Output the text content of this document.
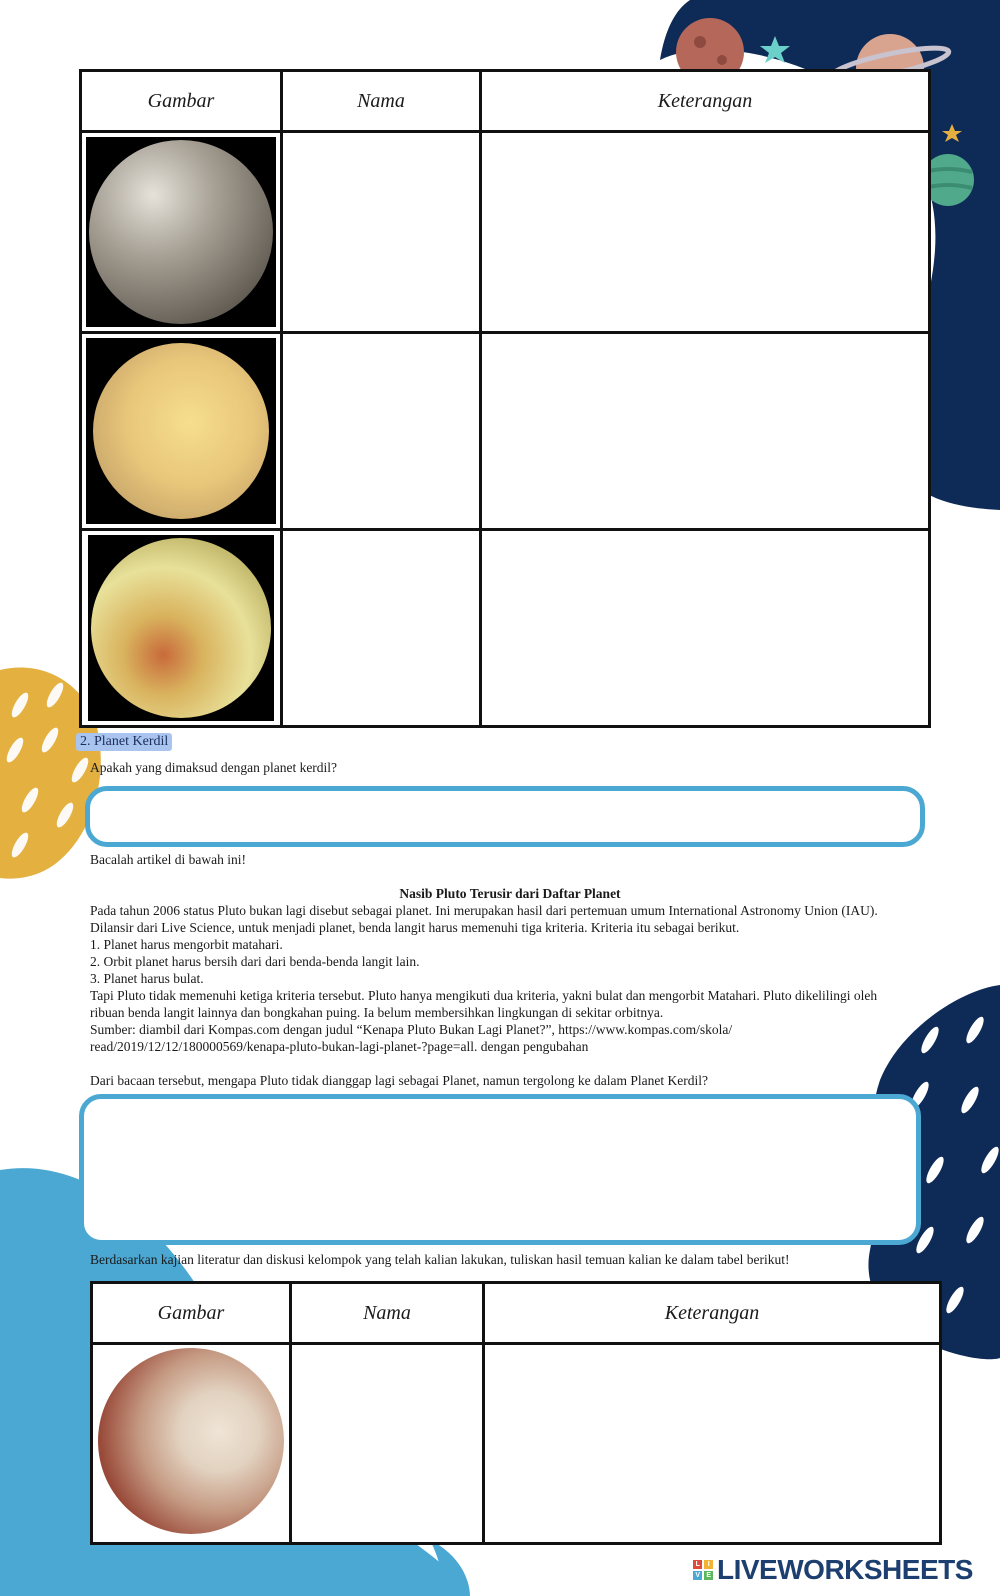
Gambar	Nama	Keterangan

2. Planet Kerdil
Apakah yang dimaksud dengan planet kerdil?
Bacalah artikel di bawah ini!

Nasib Pluto Terusir dari Daftar Planet

Pada tahun 2006 status Pluto bukan lagi disebut sebagai planet. Ini merupakan hasil dari pertemuan umum International Astronomy Union (IAU).

Dilansir dari Live Science, untuk menjadi planet, benda langit harus memenuhi tiga kriteria. Kriteria itu sebagai berikut.

1. Planet harus mengorbit matahari.

2. Orbit planet harus bersih dari dari benda-benda langit lain.

3. Planet harus bulat.

Tapi Pluto tidak memenuhi ketiga kriteria tersebut. Pluto hanya mengikuti dua kriteria, yakni bulat dan mengorbit Matahari. Pluto dikelilingi oleh

ribuan benda langit lainnya dan bongkahan puing. Ia belum membersihkan lingkungan di sekitar orbitnya.

Sumber: diambil dari Kompas.com dengan judul “Kenapa Pluto Bukan Lagi Planet?”, https://www.kompas.com/skola/

read/2019/12/12/180000569/kenapa-pluto-bukan-lagi-planet-?page=all. dengan pengubahan

Dari bacaan tersebut, mengapa Pluto tidak dianggap lagi sebagai Planet, namun tergolong ke dalam Planet Kerdil?
Berdasarkan kajian literatur dan diskusi kelompok yang telah kalian lakukan, tuliskan hasil temuan kalian ke dalam tabel berikut!
Gambar	Nama	Keterangan

L	I
V E LIVEWORKSHEETS
